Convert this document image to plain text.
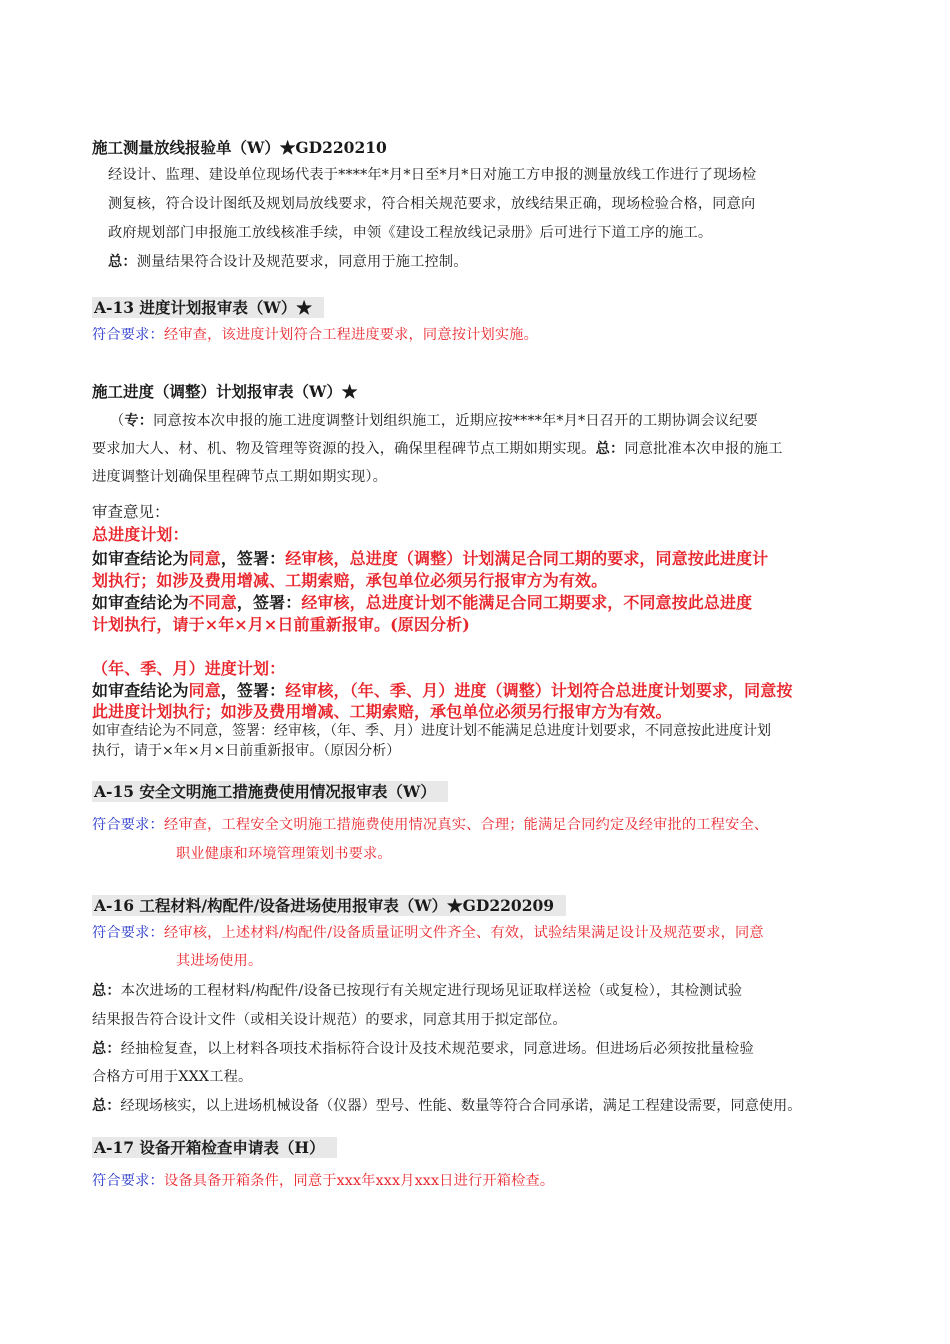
施工测量放线报验单（W）★GD220210
经设计、监理、建设单位现场代表于****年*月*日至*月*日对施工方申报的测量放线工作进行了现场检
测复核，符合设计图纸及规划局放线要求，符合相关规范要求，放线结果正确，现场检验合格，同意向
政府规划部门申报施工放线核准手续，申领《建设工程放线记录册》后可进行下道工序的施工。
总：测量结果符合设计及规范要求，同意用于施工控制。
A-13 进度计划报审表（W）★
符合要求：经审查，该进度计划符合工程进度要求，同意按计划实施。
施工进度（调整）计划报审表（W）★
（专：同意按本次申报的施工进度调整计划组织施工，近期应按****年*月*日召开的工期协调会议纪要
要求加大人、材、机、物及管理等资源的投入，确保里程碑节点工期如期实现。总：同意批准本次申报的施工
进度调整计划确保里程碑节点工期如期实现）。
审查意见：
总进度计划：
如审查结论为同意，签署：经审核，总进度（调整）计划满足合同工期的要求，同意按此进度计
划执行；如涉及费用增减、工期索赔，承包单位必须另行报审方为有效。
如审查结论为不同意，签署：经审核，总进度计划不能满足合同工期要求，不同意按此总进度
计划执行，请于×年×月×日前重新报审。(原因分析)
（年、季、月）进度计划：
如审查结论为同意，签署：经审核，（年、季、月）进度（调整）计划符合总进度计划要求，同意按
此进度计划执行；如涉及费用增减、工期索赔，承包单位必须另行报审方为有效。
如审查结论为不同意，签署：经审核，（年、季、月）进度计划不能满足总进度计划要求，不同意按此进度计划
执行，请于×年×月×日前重新报审。（原因分析）
A-15 安全文明施工措施费使用情况报审表（W）
符合要求：经审查，工程安全文明施工措施费使用情况真实、合理；能满足合同约定及经审批的工程安全、
职业健康和环境管理策划书要求。
A-16 工程材料/构配件/设备进场使用报审表（W）★GD220209
符合要求：经审核，上述材料/构配件/设备质量证明文件齐全、有效，试验结果满足设计及规范要求，同意
其进场使用。
总：本次进场的工程材料/构配件/设备已按现行有关规定进行现场见证取样送检（或复检），其检测试验
结果报告符合设计文件（或相关设计规范）的要求，同意其用于拟定部位。
总：经抽检复查，以上材料各项技术指标符合设计及技术规范要求，同意进场。但进场后必须按批量检验
合格方可用于XXX工程。
总：经现场核实，以上进场机械设备（仪器）型号、性能、数量等符合合同承诺，满足工程建设需要，同意使用。
A-17 设备开箱检查申请表（H）
符合要求：设备具备开箱条件，同意于xxx年xxx月xxx日进行开箱检查。
